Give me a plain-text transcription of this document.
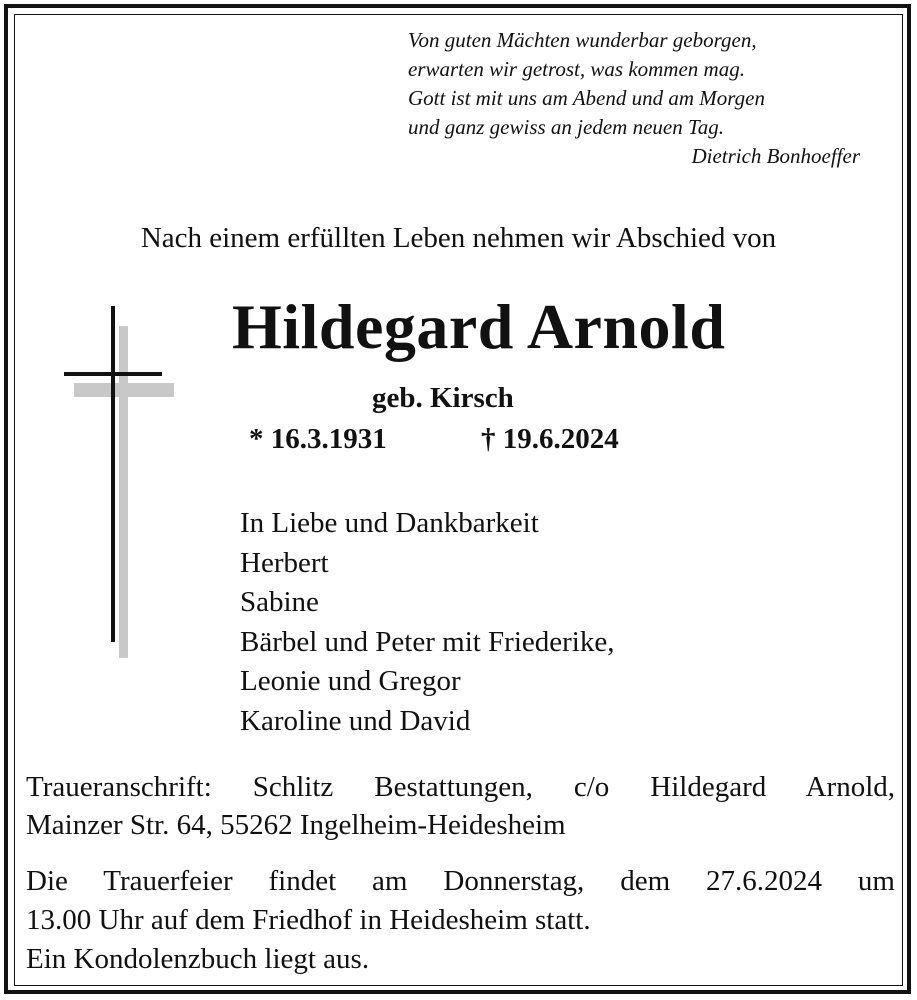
Von guten Mächten wunderbar geborgen,
erwarten wir getrost, was kommen mag.
Gott ist mit uns am Abend und am Morgen
und ganz gewiss an jedem neuen Tag.
Dietrich Bonhoeffer
Nach einem erfüllten Leben nehmen wir Abschied von
Hildegard Arnold
geb. Kirsch
* 16.3.1931	† 19.6.2024
In Liebe und Dankbarkeit
Herbert
Sabine
Bärbel und Peter mit Friederike,
Leonie und Gregor
Karoline und David
Traueranschrift: Schlitz Bestattungen, c/o Hildegard Arnold,
Mainzer Str. 64, 55262 Ingelheim-Heidesheim
Die Trauerfeier findet am Donnerstag, dem 27.6.2024 um
13.00 Uhr auf dem Friedhof in Heidesheim statt.
Ein Kondolenzbuch liegt aus.
